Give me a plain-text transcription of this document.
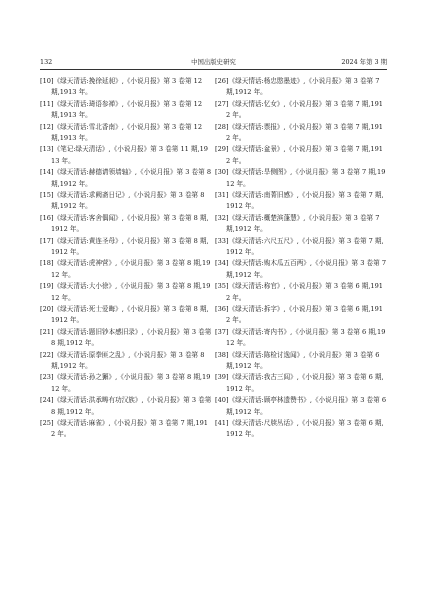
132	中国出版史研究	2024 年第 3 期
[10]《绿天清话:挽徐延昶》,《小说月报》第 3 卷第 12 期,1913 年。
[11]《绿天清话:琦语参禅》,《小说月报》第 3 卷第 12 期,1913 年。
[12]《绿天清话:雪北香南》,《小说月报》第 3 卷第 12 期,1913 年。
[13]《笔记:绿天清话》,《小说月报》第 3 卷第 11 期,1913 年。
[14]《绿天清话:赫德请领墙轴》,《小说月报》第 3 卷第 8 期,1912 年。
[15]《绿天清话:求阙斋日记》,《小说月报》第 3 卷第 8 期,1912 年。
[16]《绿天清话:客舍偶闻》,《小说月报》第 3 卷第 8 期,1912 年。
[17]《绿天清话:黄连圣母》,《小说月报》第 3 卷第 8 期,1912 年。
[18]《绿天清话:虎神营》,《小说月报》第 3 卷第 8 期,1912 年。
[19]《绿天清话:大小徐》,《小说月报》第 3 卷第 8 期,1912 年。
[20]《绿天清话:死士爱晦》,《小说月报》第 3 卷第 8 期,1912 年。
[21]《绿天清话:题旧钞本感旧录》,《小说月报》第 3 卷第 8 期,1912 年。
[22]《绿天清话:原拳匪之乱》,《小说月报》第 3 卷第 8 期,1912 年。
[23]《绿天清话:孙之獬》,《小说月报》第 3 卷第 8 期,1912 年。
[24]《绿天清话:洪承畴有功汉族》,《小说月报》第 3 卷第 8 期,1912 年。
[25]《绿天清话:麻雀》,《小说月报》第 3 卷第 7 期,1912 年。
[26]《绿天情话:杨忠愍墨迹》,《小说月报》第 3 卷第 7 期,1912 年。
[27]《绿天情话:忆女》,《小说月报》第 3 卷第 7 期,1912 年。
[28]《绿天情话:票报》,《小说月报》第 3 卷第 7 期,1912 年。
[29]《绿天情话:盆景》,《小说月报》第 3 卷第 7 期,1912 年。
[30]《绿天情话:旱侧图》,《小说月报》第 3 卷第 7 期,1912 年。
[31]《绿天清话:南菁旧感》,《小说月报》第 3 卷第 7 期,1912 年。
[32]《绿天清话:概楚滨蓬慧》,《小说月报》第 3 卷第 7 期,1912 年。
[33]《绿天清话:六尺五尺》,《小说月报》第 3 卷第 7 期,1912 年。
[34]《绿天情话:购木瓜五百两》,《小说月报》第 3 卷第 7 期,1912 年。
[35]《绿天清话:称官》,《小说月报》第 3 卷第 6 期,1912 年。
[36]《绿天清话:拆字》,《小说月报》第 3 卷第 6 期,1912 年。
[37]《绿天清话:寄内书》,《小说月报》第 3 卷第 6 期,1912 年。
[38]《绿天清话:陈检讨逸闻》,《小说月报》第 3 卷第 6 期,1912 年。
[39]《绿天清话:我古三闾》,《小说月报》第 3 卷第 6 期,1912 年。
[40]《绿天清话:顾亭林遗赞书》,《小说月报》第 3 卷第 6 期,1912 年。
[41]《绿天清话:尺牍丛话》,《小说月报》第 3 卷第 6 期,1912 年。
